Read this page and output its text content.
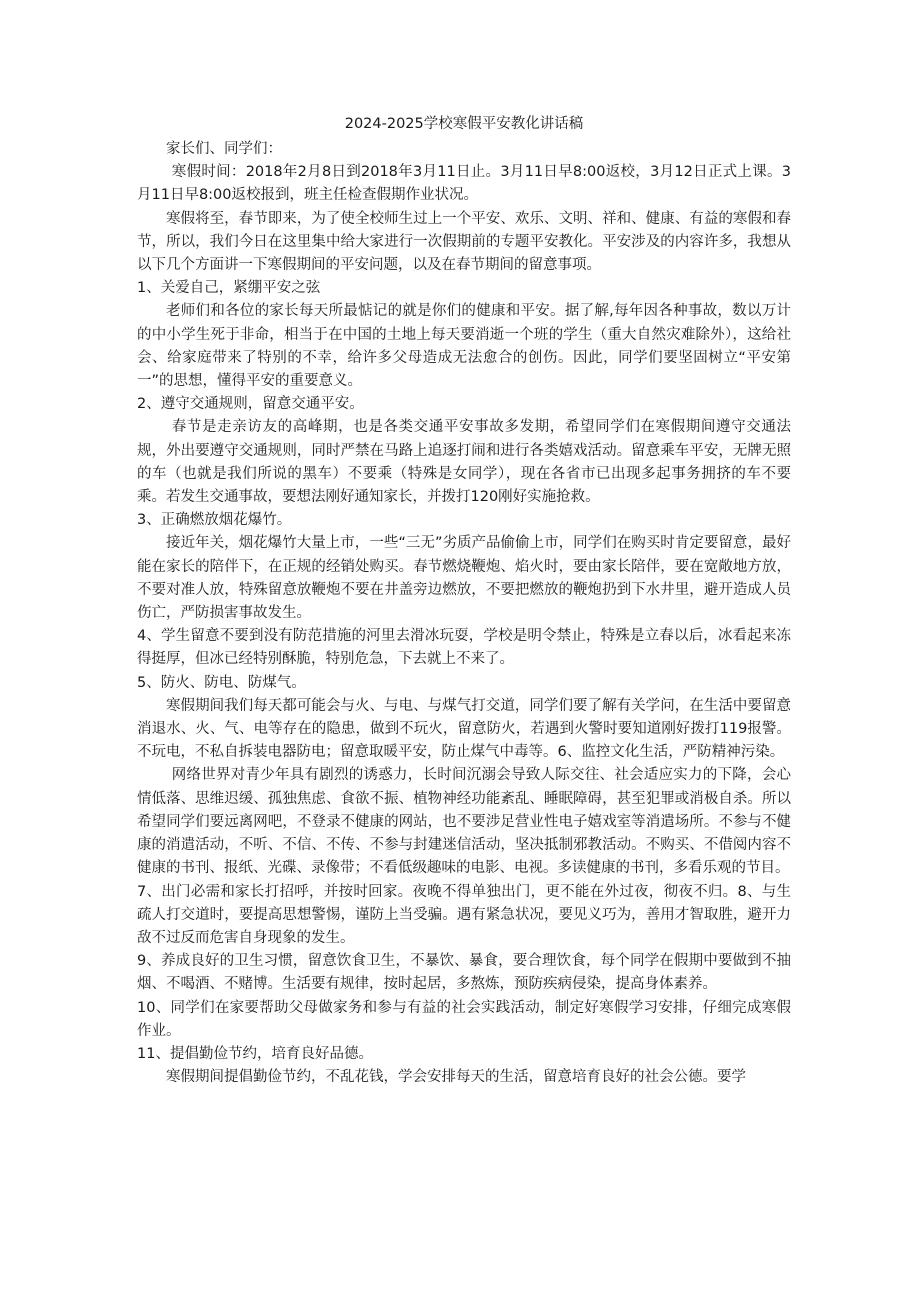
2024-2025学校寒假平安教化讲话稿

家长们、同学们：

寒假时间：2018年2月8日到2018年3月11日止。3月11日早8:00返校，3月12日正式上课。3月11日早8:00返校报到，班主任检查假期作业状况。

寒假将至，春节即来，为了使全校师生过上一个平安、欢乐、文明、祥和、健康、有益的寒假和春节，所以，我们今日在这里集中给大家进行一次假期前的专题平安教化。平安涉及的内容许多，我想从以下几个方面讲一下寒假期间的平安问题，以及在春节期间的留意事项。

1、关爱自己，紧绷平安之弦

老师们和各位的家长每天所最惦记的就是你们的健康和平安。据了解,每年因各种事故，数以万计的中小学生死于非命，相当于在中国的土地上每天要消逝一个班的学生（重大自然灾难除外），这给社会、给家庭带来了特别的不幸，给许多父母造成无法愈合的创伤。因此，同学们要坚固树立“平安第一”的思想，懂得平安的重要意义。

2、遵守交通规则，留意交通平安。

春节是走亲访友的高峰期，也是各类交通平安事故多发期，希望同学们在寒假期间遵守交通法规，外出要遵守交通规则，同时严禁在马路上追逐打闹和进行各类嬉戏活动。留意乘车平安，无牌无照的车（也就是我们所说的黑车）不要乘（特殊是女同学），现在各省市已出现多起事务拥挤的车不要乘。若发生交通事故，要想法刚好通知家长，并拨打120刚好实施抢救。

3、正确燃放烟花爆竹。

接近年关，烟花爆竹大量上市，一些“三无”劣质产品偷偷上市，同学们在购买时肯定要留意，最好能在家长的陪伴下，在正规的经销处购买。春节燃烧鞭炮、焰火时，要由家长陪伴，要在宽敞地方放，不要对准人放，特殊留意放鞭炮不要在井盖旁边燃放，不要把燃放的鞭炮扔到下水井里，避开造成人员伤亡，严防损害事故发生。

4、学生留意不要到没有防范措施的河里去滑冰玩耍，学校是明令禁止，特殊是立春以后，冰看起来冻得挺厚，但冰已经特别酥脆，特别危急，下去就上不来了。

5、防火、防电、防煤气。

寒假期间我们每天都可能会与火、与电、与煤气打交道，同学们要了解有关学问，在生活中要留意消退水、火、气、电等存在的隐患，做到不玩火，留意防火，若遇到火警时要知道刚好拨打119报警。不玩电，不私自拆装电器防电；留意取暖平安，防止煤气中毒等。6、监控文化生活，严防精神污染。

网络世界对青少年具有剧烈的诱惑力，长时间沉溺会导致人际交往、社会适应实力的下降，会心情低落、思维迟缓、孤独焦虑、食欲不振、植物神经功能紊乱、睡眠障碍，甚至犯罪或消极自杀。所以希望同学们要远离网吧，不登录不健康的网站，也不要涉足营业性电子嬉戏室等消遣场所。不参与不健康的消遣活动，不听、不信、不传、不参与封建迷信活动，坚决抵制邪教活动。不购买、不借阅内容不健康的书刊、报纸、光碟、录像带；不看低级趣味的电影、电视。多读健康的书刊，多看乐观的节目。

7、出门必需和家长打招呼，并按时回家。夜晚不得单独出门，更不能在外过夜，彻夜不归。8、与生疏人打交道时，要提高思想警惕，谨防上当受骗。遇有紧急状况，要见义巧为，善用才智取胜，避开力敌不过反而危害自身现象的发生。

9、养成良好的卫生习惯，留意饮食卫生，不暴饮、暴食，要合理饮食，每个同学在假期中要做到不抽烟、不喝酒、不赌博。生活要有规律，按时起居，多熬炼，预防疾病侵染，提高身体素养。

10、同学们在家要帮助父母做家务和参与有益的社会实践活动，制定好寒假学习安排，仔细完成寒假作业。

11、提倡勤俭节约，培育良好品德。

寒假期间提倡勤俭节约，不乱花钱，学会安排每天的生活，留意培育良好的社会公德。要学
